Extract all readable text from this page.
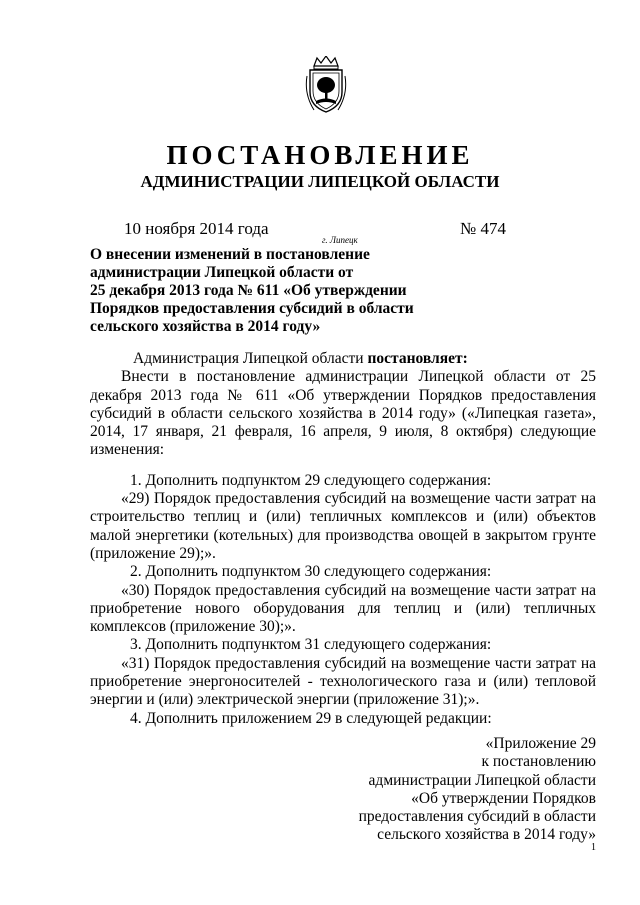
ПОСТАНОВЛЕНИЕ
АДМИНИСТРАЦИИ ЛИПЕЦКОЙ ОБЛАСТИ
10 ноября 2014 года
г. Липецк
№ 474
О внесении изменений в постановление
администрации Липецкой области от
25 декабря 2013 года № 611 «Об утверждении
Порядков предоставления субсидий в области
сельского хозяйства в 2014 году»

Администрация Липецкой области постановляет:

Внести в постановление администрации Липецкой области от 25 декабря 2013 года № 611 «Об утверждении Порядков предоставления субсидий в области сельского хозяйства в 2014 году» («Липецкая газета», 2014, 17 января, 21 февраля, 16 апреля, 9 июля, 8 октября) следующие изменения:

1. Дополнить подпунктом 29 следующего содержания:

«29) Порядок предоставления субсидий на возмещение части затрат на строительство теплиц и (или) тепличных комплексов и (или) объектов малой энергетики (котельных) для производства овощей в закрытом грунте (приложение 29);».

2. Дополнить подпунктом 30 следующего содержания:

«30) Порядок предоставления субсидий на возмещение части затрат на приобретение нового оборудования для теплиц и (или) тепличных комплексов (приложение 30);».

3. Дополнить подпунктом 31 следующего содержания:

«31) Порядок предоставления субсидий на возмещение части затрат на приобретение энергоносителей - технологического газа и (или) тепловой энергии и (или) электрической энергии (приложение 31);».

4. Дополнить приложением 29 в следующей редакции:

«Приложение 29
к постановлению
администрации Липецкой области
«Об утверждении Порядков
предоставления субсидий в области
сельского хозяйства в 2014 году»
1
